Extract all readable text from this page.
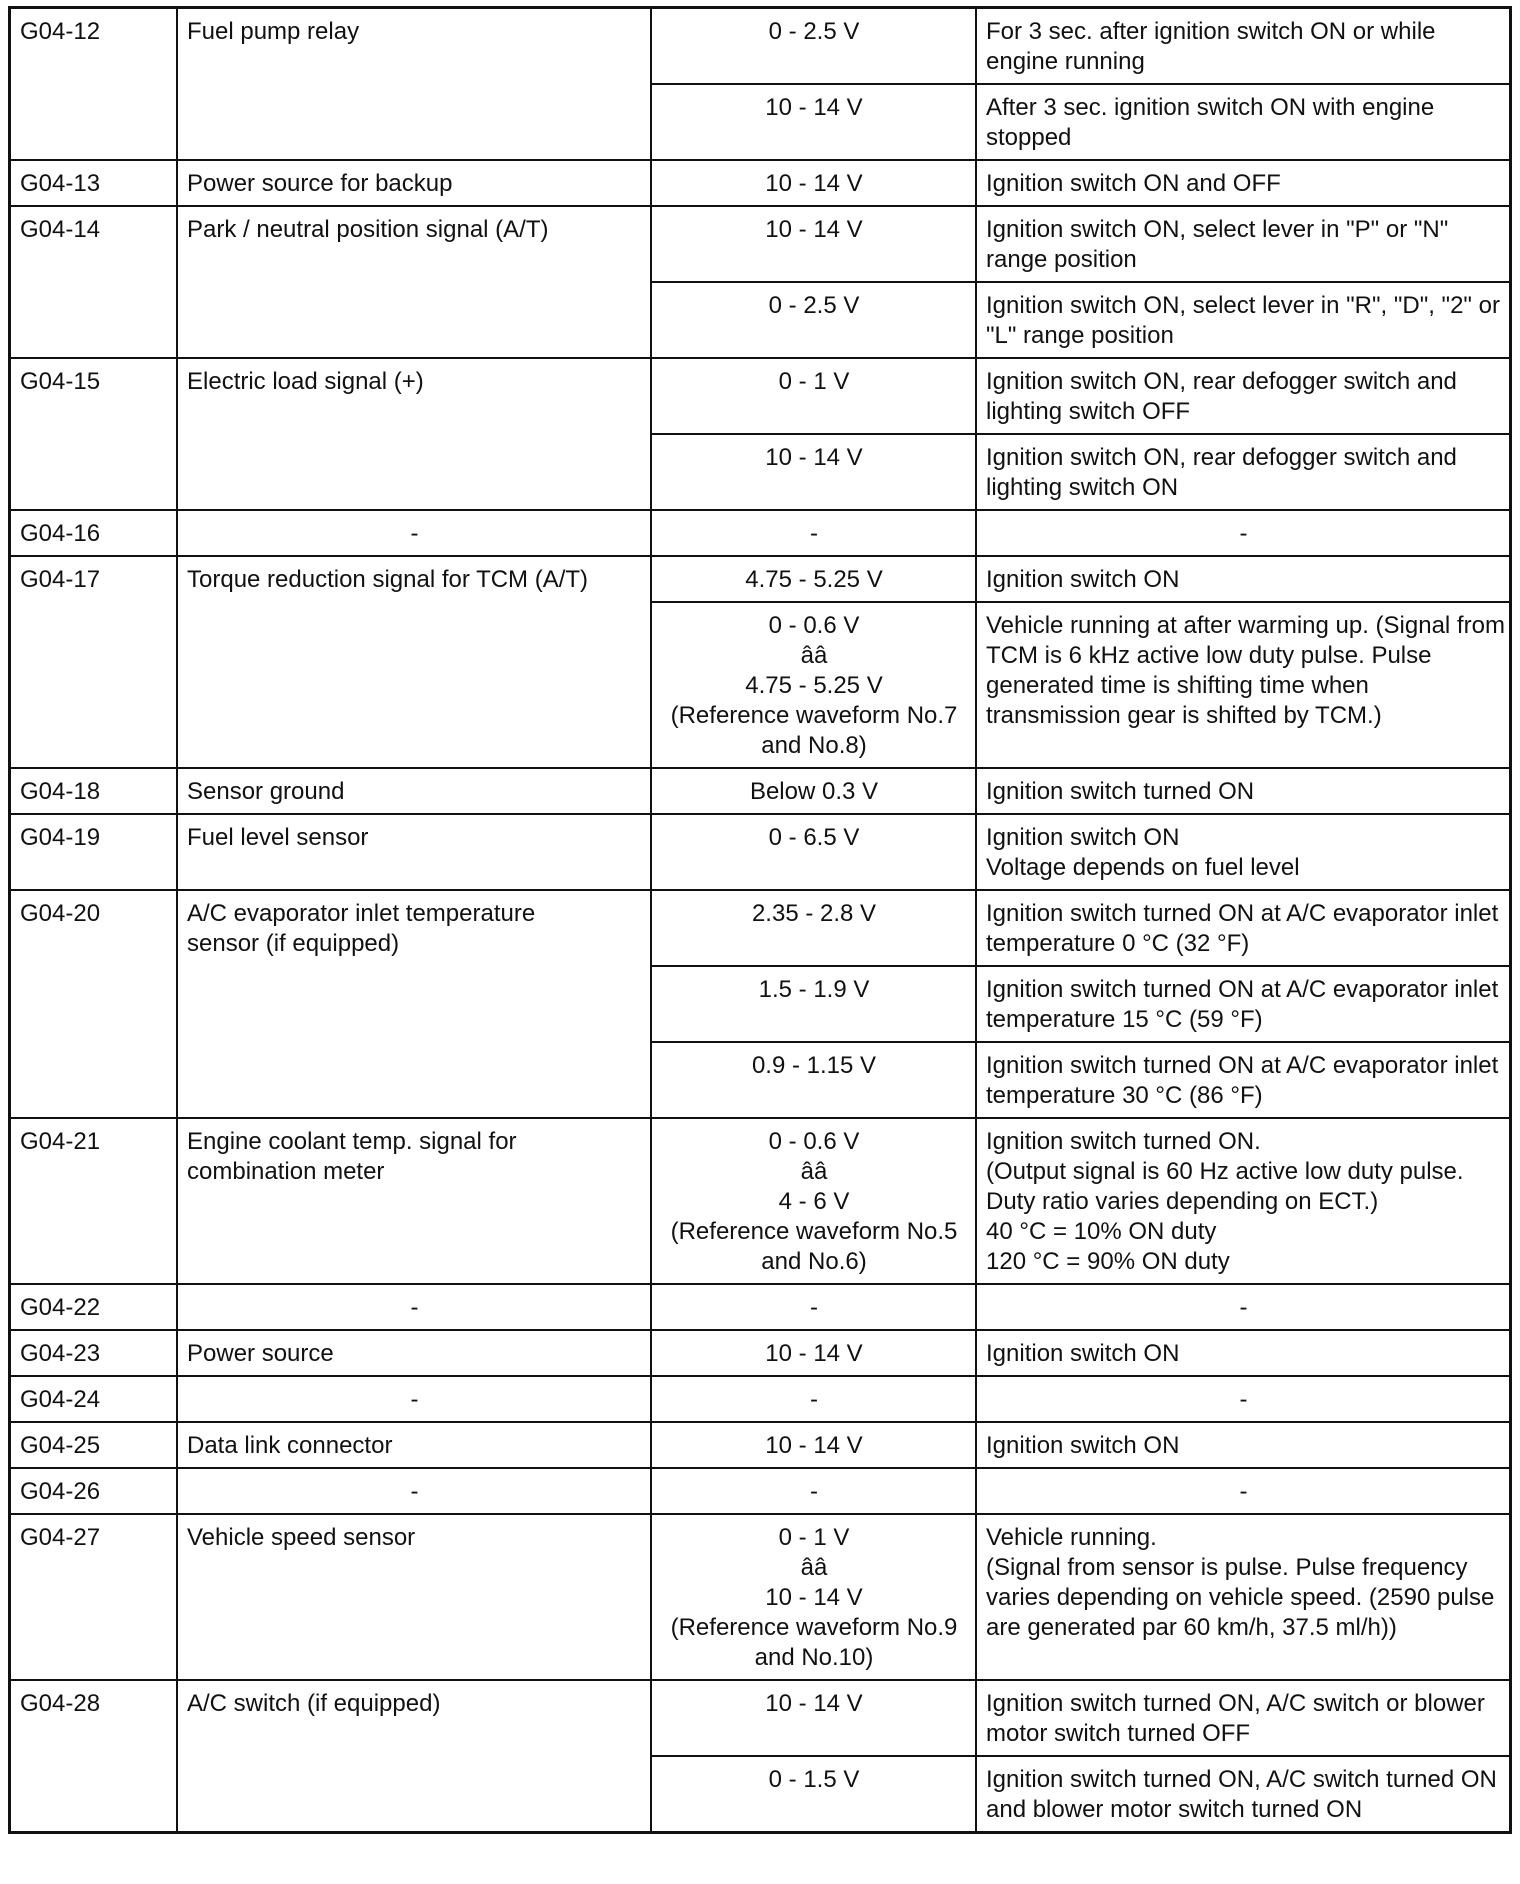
G04-12	Fuel pump relay	0 - 2.5 V	For 3 sec. after ignition switch ON or while
engine running

		10 - 14 V	After 3 sec. ignition switch ON with engine
stopped

G04-13	Power source for backup	10 - 14 V	Ignition switch ON and OFF

G04-14	Park / neutral position signal (A/T)	10 - 14 V	Ignition switch ON, select lever in "P" or "N"
range position

		0 - 2.5 V	Ignition switch ON, select lever in "R", "D", "2" or
"L" range position

G04-15	Electric load signal (+)	0 - 1 V	Ignition switch ON, rear defogger switch and
lighting switch OFF

		10 - 14 V	Ignition switch ON, rear defogger switch and
lighting switch ON

G04-16	-	-	-

G04-17	Torque reduction signal for TCM (A/T)	4.75 - 5.25 V	Ignition switch ON

		0 - 0.6 V
ââ
4.75 - 5.25 V
(Reference waveform No.7
and No.8)	Vehicle running at after warming up. (Signal from
TCM is 6 kHz active low duty pulse. Pulse
generated time is shifting time when
transmission gear is shifted by TCM.)

G04-18	Sensor ground	Below 0.3 V	Ignition switch turned ON

G04-19	Fuel level sensor	0 - 6.5 V	Ignition switch ON
Voltage depends on fuel level

G04-20	A/C evaporator inlet temperature
sensor (if equipped)	2.35 - 2.8 V	Ignition switch turned ON at A/C evaporator inlet
temperature 0 °C (32 °F)

		1.5 - 1.9 V	Ignition switch turned ON at A/C evaporator inlet
temperature 15 °C (59 °F)

		0.9 - 1.15 V	Ignition switch turned ON at A/C evaporator inlet
temperature 30 °C (86 °F)

G04-21	Engine coolant temp. signal for
combination meter	0 - 0.6 V
ââ
4 - 6 V
(Reference waveform No.5
and No.6)	Ignition switch turned ON.
(Output signal is 60 Hz active low duty pulse.
Duty ratio varies depending on ECT.)
40 °C = 10% ON duty
120 °C = 90% ON duty

G04-22	-	-	-

G04-23	Power source	10 - 14 V	Ignition switch ON

G04-24	-	-	-

G04-25	Data link connector	10 - 14 V	Ignition switch ON

G04-26	-	-	-

G04-27	Vehicle speed sensor	0 - 1 V
ââ
10 - 14 V
(Reference waveform No.9
and No.10)	Vehicle running.
(Signal from sensor is pulse. Pulse frequency
varies depending on vehicle speed. (2590 pulse
are generated par 60 km/h, 37.5 ml/h))

G04-28	A/C switch (if equipped)	10 - 14 V	Ignition switch turned ON, A/C switch or blower
motor switch turned OFF

		0 - 1.5 V	Ignition switch turned ON, A/C switch turned ON
and blower motor switch turned ON
